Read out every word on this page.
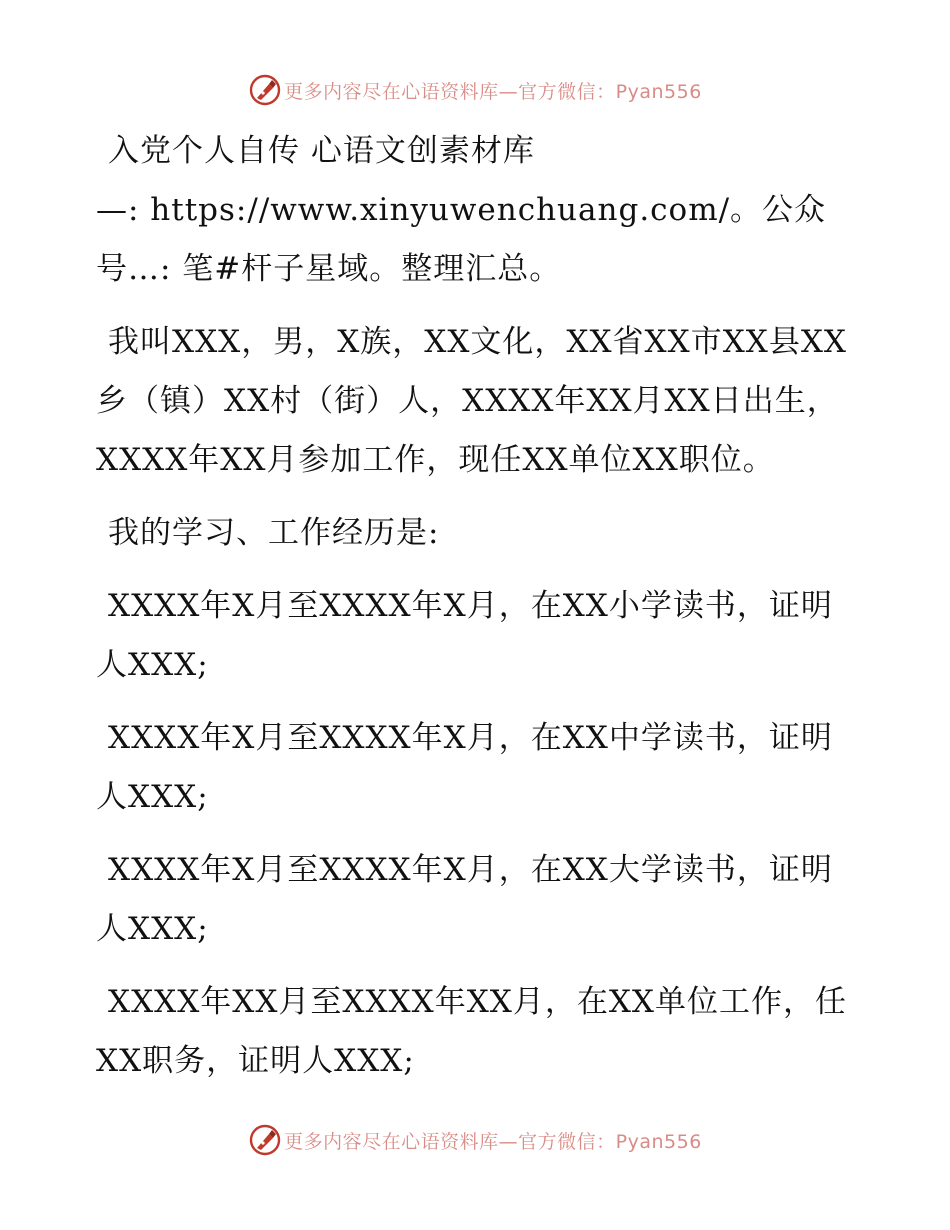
更多内容尽在心语资料库—官方微信：Pyan556
入党个人自传 心语文创素材库
—: https://www.xinyuwenchuang.com/。公众
号…: 笔#杆子星域。整理汇总。
我叫XXX，男，X族，XX文化，XX省XX市XX县XX
乡（镇）XX村（街）人，XXXX年XX月XX日出生，
XXXX年XX月参加工作，现任XX单位XX职位。
我的学习、工作经历是:
XXXX年X月至XXXX年X月，在XX小学读书，证明
人XXX;
XXXX年X月至XXXX年X月，在XX中学读书，证明
人XXX;
XXXX年X月至XXXX年X月，在XX大学读书，证明
人XXX;
XXXX年XX月至XXXX年XX月，在XX单位工作，任
XX职务，证明人XXX;
更多内容尽在心语资料库—官方微信：Pyan556
